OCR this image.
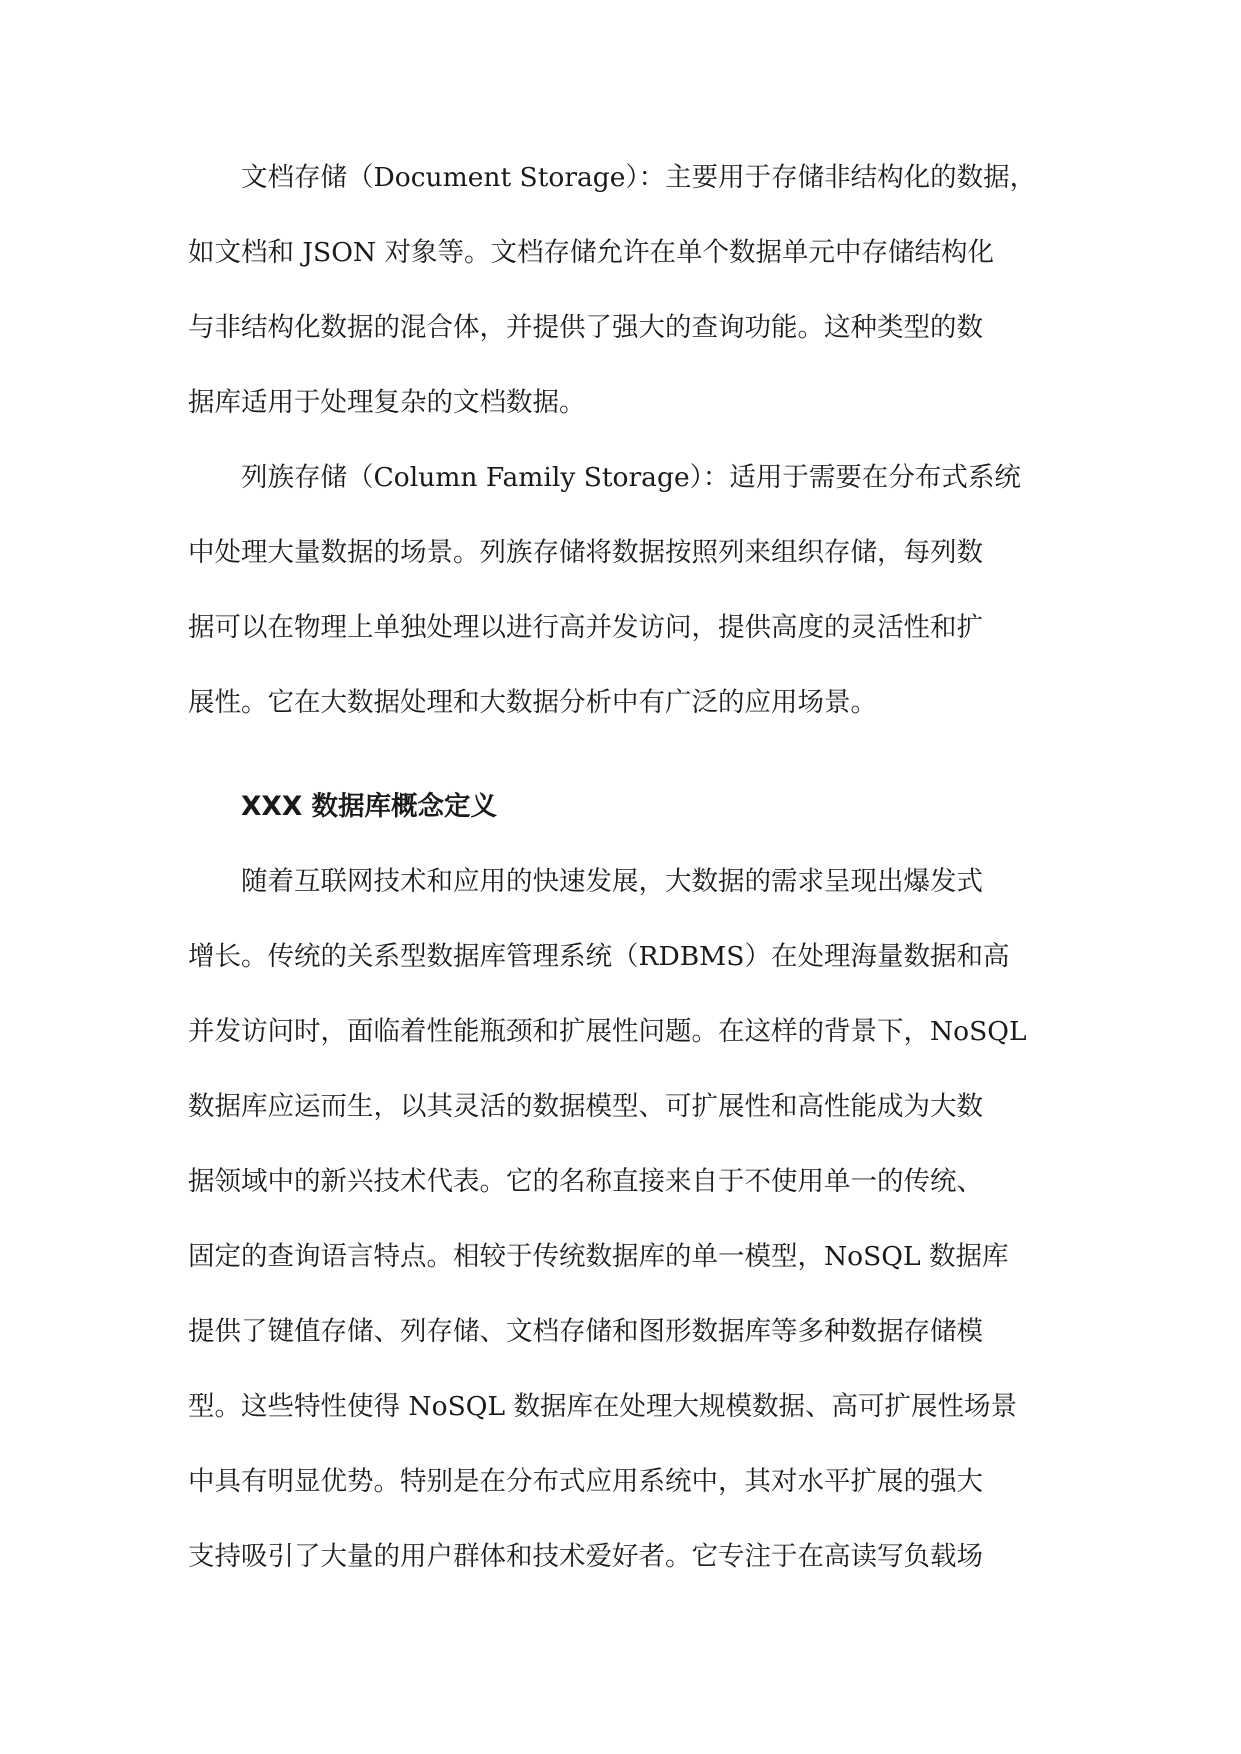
文档存储（Document Storage）：主要用于存储非结构化的数据，
如文档和 JSON 对象等。文档存储允许在单个数据单元中存储结构化
与非结构化数据的混合体，并提供了强大的查询功能。这种类型的数
据库适用于处理复杂的文档数据。

列族存储（Column Family Storage）：适用于需要在分布式系统
中处理大量数据的场景。列族存储将数据按照列来组织存储，每列数
据可以在物理上单独处理以进行高并发访问，提供高度的灵活性和扩
展性。它在大数据处理和大数据分析中有广泛的应用场景。

XXX 数据库概念定义

随着互联网技术和应用的快速发展，大数据的需求呈现出爆发式
增长。传统的关系型数据库管理系统（RDBMS）在处理海量数据和高
并发访问时，面临着性能瓶颈和扩展性问题。在这样的背景下，NoSQL
数据库应运而生，以其灵活的数据模型、可扩展性和高性能成为大数
据领域中的新兴技术代表。它的名称直接来自于不使用单一的传统、
固定的查询语言特点。相较于传统数据库的单一模型，NoSQL 数据库
提供了键值存储、列存储、文档存储和图形数据库等多种数据存储模
型。这些特性使得 NoSQL 数据库在处理大规模数据、高可扩展性场景
中具有明显优势。特别是在分布式应用系统中，其对水平扩展的强大
支持吸引了大量的用户群体和技术爱好者。它专注于在高读写负载场
